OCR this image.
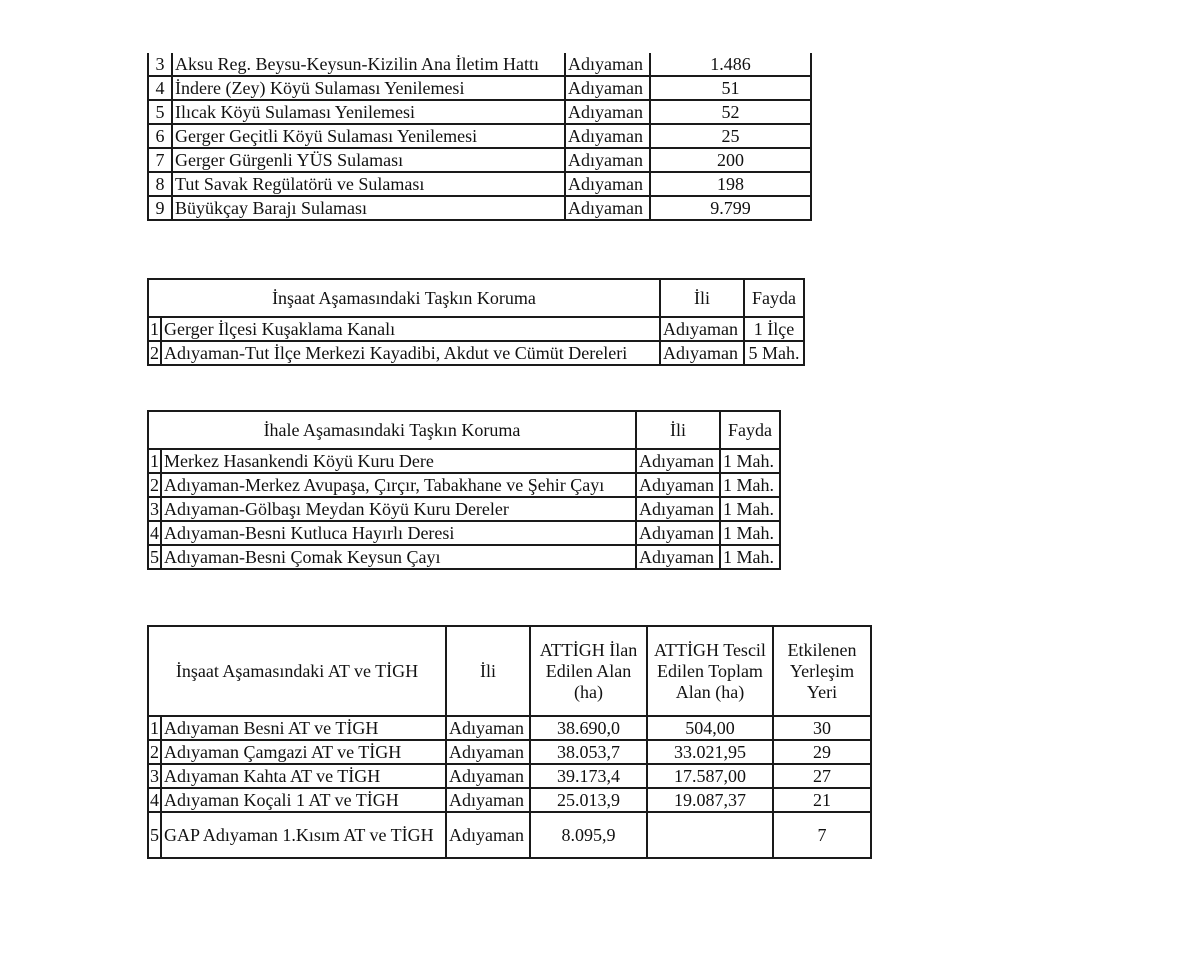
3	Aksu Reg. Beysu-Keysun-Kizilin Ana İletim Hattı	Adıyaman	1.486
4	İndere (Zey) Köyü Sulaması Yenilemesi	Adıyaman	51
5	Ilıcak Köyü Sulaması Yenilemesi	Adıyaman	52
6	Gerger Geçitli Köyü Sulaması Yenilemesi	Adıyaman	25
7	Gerger Gürgenli YÜS Sulaması	Adıyaman	200
8	Tut Savak Regülatörü ve Sulaması	Adıyaman	198
9	Büyükçay Barajı Sulaması	Adıyaman	9.799
İnşaat Aşamasındaki Taşkın Koruma		İli	Fayda
1	Gerger İlçesi Kuşaklama Kanalı	Adıyaman	1 İlçe
2	Adıyaman-Tut İlçe Merkezi Kayadibi, Akdut ve Cümüt Dereleri	Adıyaman	5 Mah.
İhale Aşamasındaki Taşkın Koruma		İli	Fayda
1	Merkez Hasankendi Köyü Kuru Dere	Adıyaman	1 Mah.
2	Adıyaman-Merkez Avupaşa, Çırçır, Tabakhane ve Şehir Çayı	Adıyaman	1 Mah.
3	Adıyaman-Gölbaşı Meydan Köyü Kuru Dereler	Adıyaman	1 Mah.
4	Adıyaman-Besni Kutluca Hayırlı Deresi	Adıyaman	1 Mah.
5	Adıyaman-Besni Çomak Keysun Çayı	Adıyaman	1 Mah.
İnşaat Aşamasındaki AT ve TİGH		İli	ATTİGH İlan Edilen Alan (ha)	ATTİGH Tescil Edilen Toplam Alan (ha)	Etkilenen Yerleşim Yeri
1	Adıyaman Besni AT ve TİGH	Adıyaman	38.690,0	504,00	30
2	Adıyaman Çamgazi AT ve TİGH	Adıyaman	38.053,7	33.021,95	29
3	Adıyaman Kahta AT ve TİGH	Adıyaman	39.173,4	17.587,00	27
4	Adıyaman Koçali 1 AT ve TİGH	Adıyaman	25.013,9	19.087,37	21
5	GAP Adıyaman 1.Kısım AT ve TİGH	Adıyaman	8.095,9		7
